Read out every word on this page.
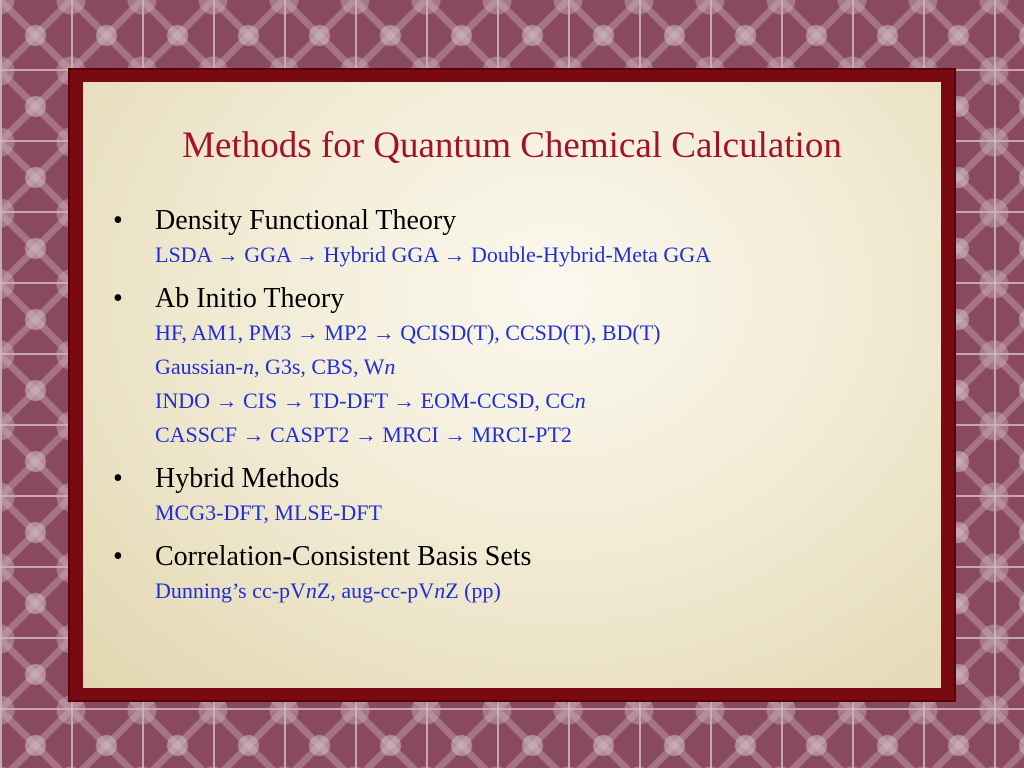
Methods for Quantum Chemical Calculation
• Density Functional Theory
LSDA → GGA → Hybrid GGA → Double-Hybrid-Meta GGA
• Ab Initio Theory
HF, AM1, PM3 → MP2 → QCISD(T), CCSD(T), BD(T)
Gaussian-n, G3s, CBS, Wn
INDO → CIS → TD-DFT → EOM-CCSD, CCn
CASSCF → CASPT2 → MRCI → MRCI-PT2
• Hybrid Methods
MCG3-DFT, MLSE-DFT
• Correlation-Consistent Basis Sets
Dunning’s cc-pVnZ, aug-cc-pVnZ (pp)
